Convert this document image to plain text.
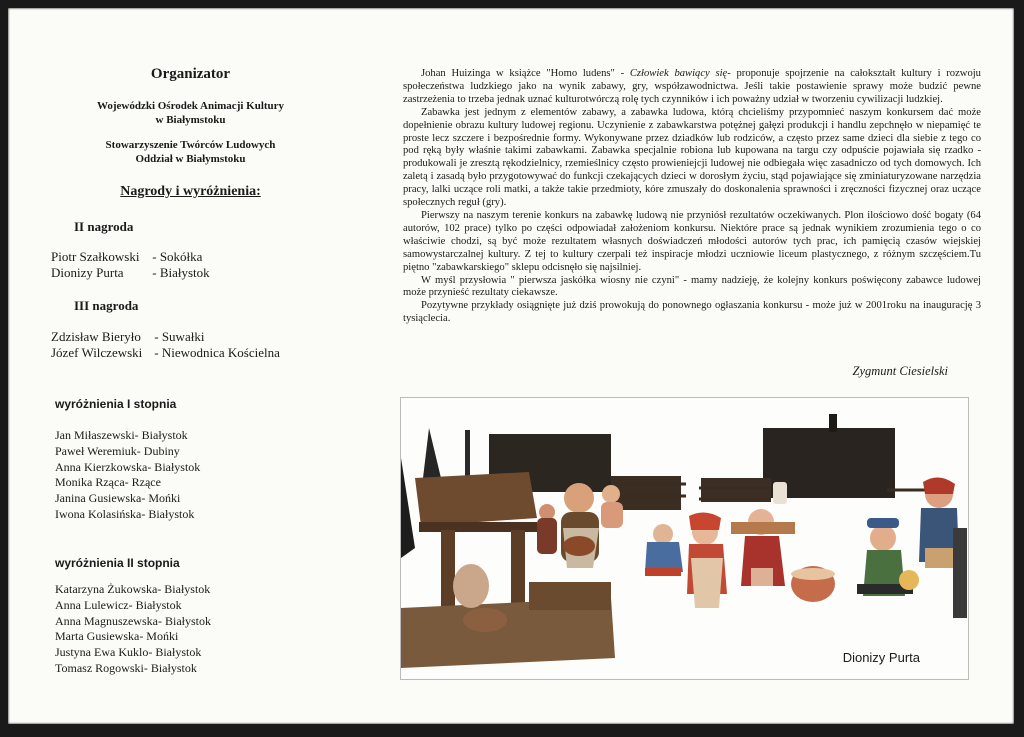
Organizator
Wojewódzki Ośrodek Animacji Kultury
w Białymstoku
Stowarzyszenie Twórców Ludowych
Oddział w Białymstoku
Nagrody i wyróżnienia:
II nagroda
Piotr Szałkowski - Sokółka
Dionizy Purta - Białystok
III nagroda
Zdzisław Bieryło - Suwałki
Józef Wilczewski - Niewodnica Kościelna
wyróżnienia I stopnia
Jan Miłaszewski- Białystok
Paweł Weremiuk- Dubiny
Anna Kierzkowska- Białystok
Monika Rząca- Rzące
Janina Gusiewska- Mońki
Iwona Kolasińska- Białystok
wyróżnienia II stopnia
Katarzyna Żukowska- Białystok
Anna Lulewicz- Białystok
Anna Magnuszewska- Białystok
Marta Gusiewska- Mońki
Justyna Ewa Kuklo- Białystok
Tomasz Rogowski- Białystok

Johan Huizinga w książce "Homo ludens" - Człowiek bawiący się- proponuje spojrzenie na całokształt kultury i rozwoju społeczeństwa ludzkiego jako na wynik zabawy, gry, współzawodnictwa. Jeśli takie postawienie sprawy może budzić pewne zastrzeżenia to trzeba jednak uznać kulturotwórczą rolę tych czynników i ich poważny udział w tworzeniu cywilizacji ludzkiej.

Zabawka jest jednym z elementów zabawy, a zabawka ludowa, którą chcieliśmy przypomnieć naszym konkursem dać może dopełnienie obrazu kultury ludowej regionu. Uczynienie z zabawkarstwa potężnej gałęzi produkcji i handlu zepchnęło w niepamięć te proste lecz szczere i bezpośrednie formy. Wykonywane przez dziadków lub rodziców, a często przez same dzieci dla siebie z tego co pod ręką były właśnie takimi zabawkami. Zabawka specjalnie robiona lub kupowana na targu czy odpuście pojawiała się rzadko - produkowali je zresztą rękodzielnicy, rzemieślnicy często prowieniejcji ludowej nie odbiegała więc zasadniczo od tych domowych. Ich zaletą i zasadą było przygotowywać do funkcji czekających dzieci w dorosłym życiu, stąd pojawiające się zminiaturyzowane narzędzia pracy, lalki uczące roli matki, a także takie przedmioty, kóre zmuszały do doskonalenia sprawności i zręczności fizycznej oraz uczące społecznych reguł (gry).

Pierwszy na naszym terenie konkurs na zabawkę ludową nie przyniósł rezultatów oczekiwanych. Plon ilościowo dość bogaty (64 autorów, 102 prace) tylko po części odpowiadał założeniom konkursu. Niektóre prace są jednak wynikiem zrozumienia tego o co właściwie chodzi, są być może rezultatem własnych doświadczeń młodości autorów tych prac, ich pamięcią czasów wiejskiej samowystarczalnej kultury. Z tej to kultury czerpali też inspiracje młodzi uczniowie liceum plastycznego, z różnym szczęściem.Tu piętno "zabawkarskiego" sklepu odcisnęło się najsilniej.

W myśl przysłowia " pierwsza jaskółka wiosny nie czyni" - mamy nadzieję, że kolejny konkurs poświęcony zabawce ludowej może przynieść rezultaty ciekawsze.

Pozytywne przykłady osiągnięte już dziś prowokują do ponownego ogłaszania konkursu - może już w 2001roku na inaugurację 3 tysiąclecia.

Zygmunt Ciesielski
Dionizy Purta
